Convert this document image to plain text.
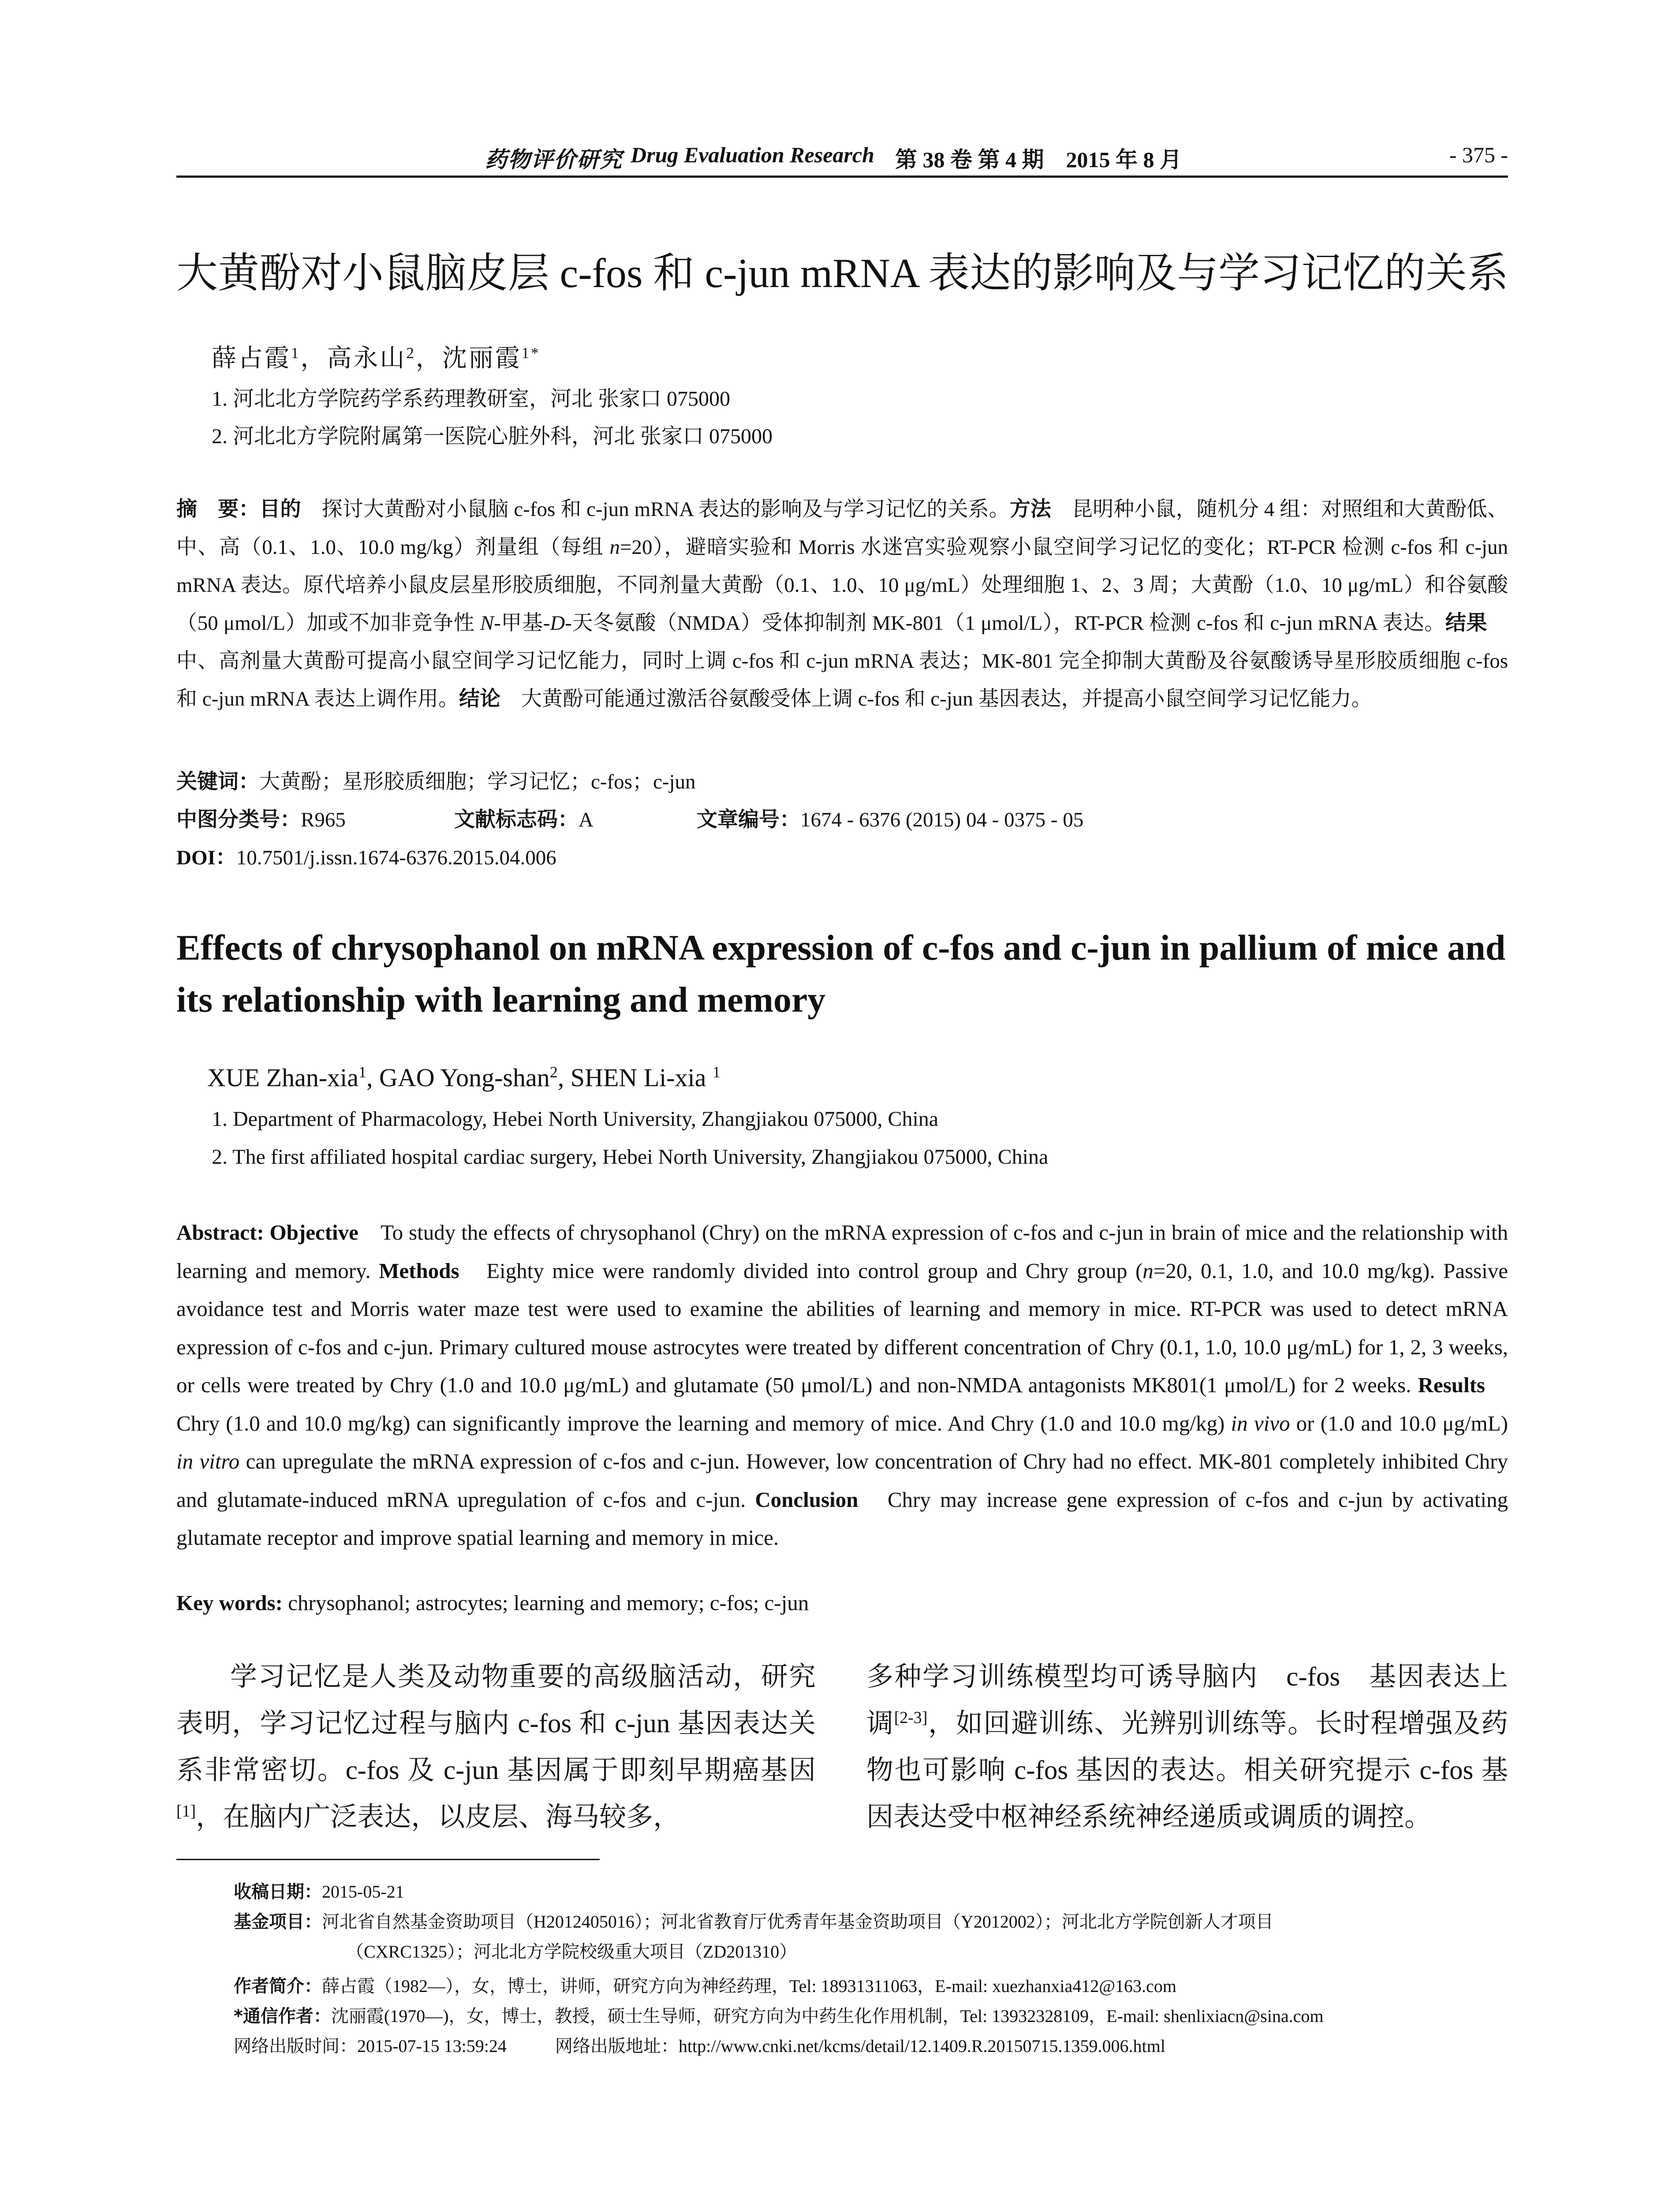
药物评价研究 Drug Evaluation Research 第 38 卷 第 4 期　2015 年 8 月	- 375 -
大黄酚对小鼠脑皮层 c-fos 和 c-jun mRNA 表达的影响及与学习记忆的关系
薛占霞$^1$，高永山$^2$，沈丽霞$^{1*}$
1. 河北北方学院药学系药理教研室，河北 张家口 075000
2. 河北北方学院附属第一医院心脏外科，河北 张家口 075000
摘　要：目的　探讨大黄酚对小鼠脑 c-fos 和 c-jun mRNA 表达的影响及与学习记忆的关系。方法　昆明种小鼠，随机分 4 组：对照组和大黄酚低、中、高（0.1、1.0、10.0 mg/kg）剂量组（每组 n=20），避暗实验和 Morris 水迷宫实验观察小鼠空间学习记忆的变化；RT-PCR 检测 c-fos 和 c-jun mRNA 表达。原代培养小鼠皮层星形胶质细胞，不同剂量大黄酚（0.1、1.0、10 μg/mL）处理细胞 1、2、3 周；大黄酚（1.0、10 μg/mL）和谷氨酸（50 μmol/L）加或不加非竞争性 N-甲基-D-天冬氨酸（NMDA）受体抑制剂 MK-801（1 μmol/L），RT-PCR 检测 c-fos 和 c-jun mRNA 表达。结果　中、高剂量大黄酚可提高小鼠空间学习记忆能力，同时上调 c-fos 和 c-jun mRNA 表达；MK-801 完全抑制大黄酚及谷氨酸诱导星形胶质细胞 c-fos 和 c-jun mRNA 表达上调作用。结论　大黄酚可能通过激活谷氨酸受体上调 c-fos 和 c-jun 基因表达，并提高小鼠空间学习记忆能力。
关键词：大黄酚；星形胶质细胞；学习记忆；c-fos；c-jun
中图分类号：R965	文献标志码：A	文章编号：1674 - 6376 (2015) 04 - 0375 - 05
DOI：10.7501/j.issn.1674-6376.2015.04.006
Effects of chrysophanol on mRNA expression of c-fos and c-jun in pallium of mice and its relationship with learning and memory
XUE Zhan-xia$^1$, GAO Yong-shan$^2$, SHEN Li-xia $^1$
1. Department of Pharmacology, Hebei North University, Zhangjiakou 075000, China
2. The first affiliated hospital cardiac surgery, Hebei North University, Zhangjiakou 075000, China
Abstract: Objective　To study the effects of chrysophanol (Chry) on the mRNA expression of c-fos and c-jun in brain of mice and the relationship with learning and memory. Methods　Eighty mice were randomly divided into control group and Chry group (n=20, 0.1, 1.0, and 10.0 mg/kg). Passive avoidance test and Morris water maze test were used to examine the abilities of learning and memory in mice. RT-PCR was used to detect mRNA expression of c-fos and c-jun. Primary cultured mouse astrocytes were treated by different concentration of Chry (0.1, 1.0, 10.0 μg/mL) for 1, 2, 3 weeks, or cells were treated by Chry (1.0 and 10.0 μg/mL) and glutamate (50 μmol/L) and non-NMDA antagonists MK801(1 μmol/L) for 2 weeks. Results　Chry (1.0 and 10.0 mg/kg) can significantly improve the learning and memory of mice. And Chry (1.0 and 10.0 mg/kg) in vivo or (1.0 and 10.0 μg/mL) in vitro can upregulate the mRNA expression of c-fos and c-jun. However, low concentration of Chry had no effect. MK-801 completely inhibited Chry and glutamate-induced mRNA upregulation of c-fos and c-jun. Conclusion　Chry may increase gene expression of c-fos and c-jun by activating glutamate receptor and improve spatial learning and memory in mice.
Key words: chrysophanol; astrocytes; learning and memory; c-fos; c-jun
学习记忆是人类及动物重要的高级脑活动，研究表明，学习记忆过程与脑内 c-fos 和 c-jun 基因表达关系非常密切。c-fos 及 c-jun 基因属于即刻早期癌基因[1]，在脑内广泛表达，以皮层、海马较多，
多种学习训练模型均可诱导脑内　c-fos　基因表达上调[2-3]，如回避训练、光辨别训练等。长时程增强及药物也可影响 c-fos 基因的表达。相关研究提示 c-fos 基因表达受中枢神经系统神经递质或调质的调控。
收稿日期：2015-05-21
基金项目：河北省自然基金资助项目（H2012405016）；河北省教育厅优秀青年基金资助项目（Y2012002）；河北北方学院创新人才项目
（CXRC1325）；河北北方学院校级重大项目（ZD201310）
作者简介：薛占霞（1982—），女，博士，讲师，研究方向为神经药理，Tel: 18931311063，E-mail: xuezhanxia412@163.com
*通信作者：沈丽霞(1970—)，女，博士，教授，硕士生导师，研究方向为中药生化作用机制，Tel: 13932328109，E-mail: shenlixiacn@sina.com
网络出版时间：2015-07-15 13:59:24	网络出版地址：http://www.cnki.net/kcms/detail/12.1409.R.20150715.1359.006.html
